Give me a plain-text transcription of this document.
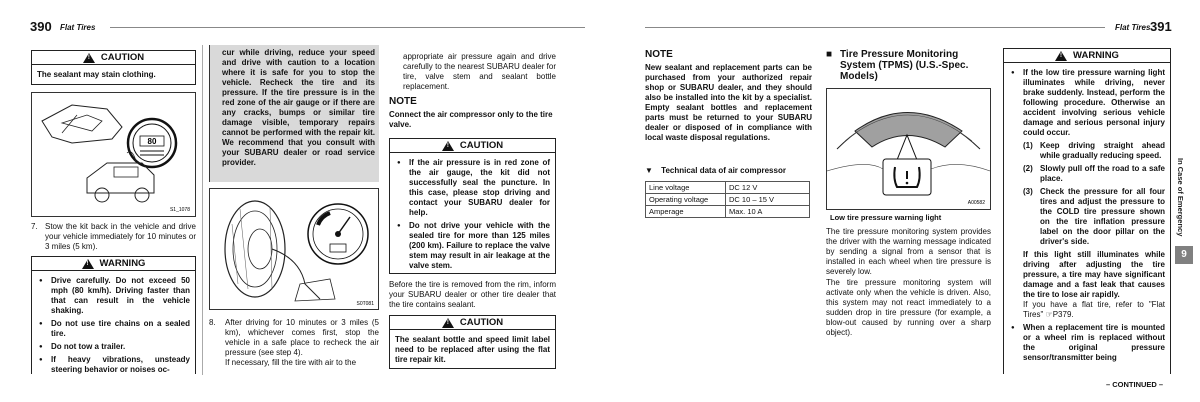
390 Flat Tires
! CAUTION
The sealant may stain clothing.
80
S1_1078
7. Stow the kit back in the vehicle and drive your vehicle immediately for 10 minutes or 3 miles (5 km).
! WARNING
● Drive carefully. Do not exceed 50 mph (80 km/h). Driving faster than that can result in the vehicle shaking.
● Do not use tire chains on a sealed tire.
● Do not tow a trailer.
● If heavy vibrations, unsteady steering behavior or noises oc-
cur while driving, reduce your speed and drive with caution to a location where it is safe for you to stop the vehicle. Recheck the tire and its pressure. If the tire pressure is in the red zone of the air gauge or if there are any cracks, bumps or similar tire damage visible, temporary repairs cannot be performed with the repair kit. We recommend that you consult with your SUBARU dealer or road service provider.
S0T081
8.	After driving for 10 minutes or 3 miles (5 km), whichever comes first, stop the vehicle in a safe place to recheck the air pressure (see step 4).
If necessary, fill the tire with air to the
appropriate air pressure again and drive carefully to the nearest SUBARU dealer for tire, valve stem and sealant bottle replacement.
NOTE
Connect the air compressor only to the tire valve.
! CAUTION
● If the air pressure is in red zone of the air gauge, the kit did not successfully seal the puncture. In this case, please stop driving and contact your SUBARU dealer for help.
● Do not drive your vehicle with the sealed tire for more than 125 miles (200 km). Failure to replace the valve stem may result in air leakage at the valve stem.
Before the tire is removed from the rim, inform your SUBARU dealer or other tire dealer that the tire contains sealant.
! CAUTION
The sealant bottle and speed limit label need to be replaced after using the flat tire repair kit.
Flat Tires 391
NOTE
New sealant and replacement parts can be purchased from your authorized repair shop or SUBARU dealer, and they should also be installed into the kit by a specialist. Empty sealant bottles and replacement parts must be returned to your SUBARU dealer or disposed of in compliance with local waste disposal regulations.
▼ Technical data of air compressor
Line voltage	DC 12 V
Operating voltage	DC 10 – 15 V
Amperage	Max. 10 A
■ Tire Pressure Monitoring System (TPMS) (U.S.-Spec. Models)
A00582
Low tire pressure warning light
The tire pressure monitoring system provides the driver with the warning message indicated by sending a signal from a sensor that is installed in each wheel when tire pressure is severely low.
The tire pressure monitoring system will activate only when the vehicle is driven. Also, this system may not react immediately to a sudden drop in tire pressure (for example, a blow-out caused by running over a sharp object).
! WARNING
● If the low tire pressure warning light illuminates while driving, never brake suddenly. Instead, perform the following procedure. Otherwise an accident involving serious vehicle damage and serious personal injury could occur.
(1) Keep driving straight ahead while gradually reducing speed.
(2) Slowly pull off the road to a safe place.
(3) Check the pressure for all four tires and adjust the pressure to the COLD tire pressure shown on the tire inflation pressure label on the door pillar on the driver's side.
If this light still illuminates while driving after adjusting the tire pressure, a tire may have significant damage and a fast leak that causes the tire to lose air rapidly.
If you have a flat tire, refer to "Flat Tires" ☞P379.
● When a replacement tire is mounted or a wheel rim is replaced without the original pressure sensor/transmitter being
– CONTINUED –
In Case of Emergency
9
